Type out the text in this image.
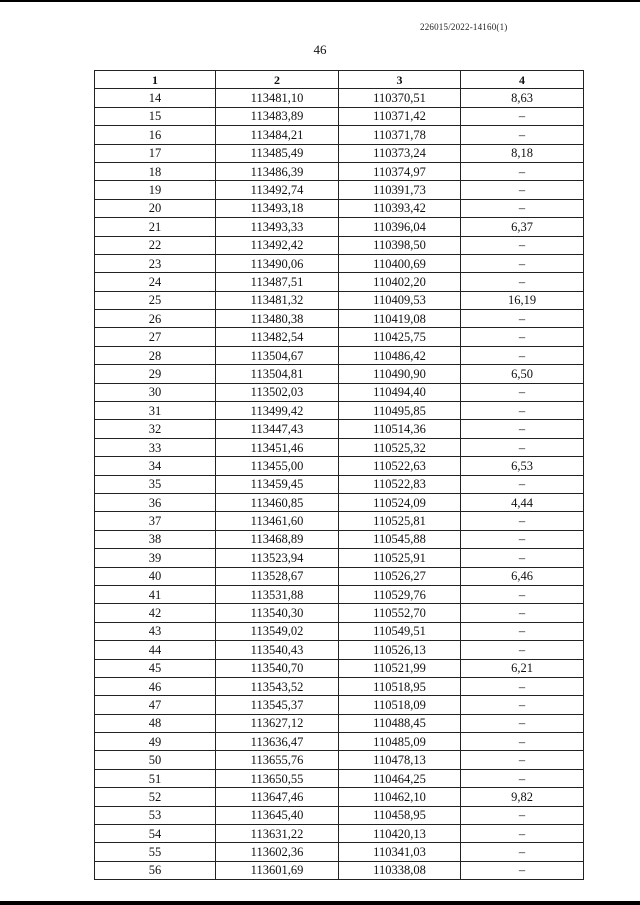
226015/2022-14160(1)
46
1	2	3	4
14	113481,10	110370,51	8,63
15	113483,89	110371,42	–
16	113484,21	110371,78	–
17	113485,49	110373,24	8,18
18	113486,39	110374,97	–
19	113492,74	110391,73	–
20	113493,18	110393,42	–
21	113493,33	110396,04	6,37
22	113492,42	110398,50	–
23	113490,06	110400,69	–
24	113487,51	110402,20	–
25	113481,32	110409,53	16,19
26	113480,38	110419,08	–
27	113482,54	110425,75	–
28	113504,67	110486,42	–
29	113504,81	110490,90	6,50
30	113502,03	110494,40	–
31	113499,42	110495,85	–
32	113447,43	110514,36	–
33	113451,46	110525,32	–
34	113455,00	110522,63	6,53
35	113459,45	110522,83	–
36	113460,85	110524,09	4,44
37	113461,60	110525,81	–
38	113468,89	110545,88	–
39	113523,94	110525,91	–
40	113528,67	110526,27	6,46
41	113531,88	110529,76	–
42	113540,30	110552,70	–
43	113549,02	110549,51	–
44	113540,43	110526,13	–
45	113540,70	110521,99	6,21
46	113543,52	110518,95	–
47	113545,37	110518,09	–
48	113627,12	110488,45	–
49	113636,47	110485,09	–
50	113655,76	110478,13	–
51	113650,55	110464,25	–
52	113647,46	110462,10	9,82
53	113645,40	110458,95	–
54	113631,22	110420,13	–
55	113602,36	110341,03	–
56	113601,69	110338,08	–
